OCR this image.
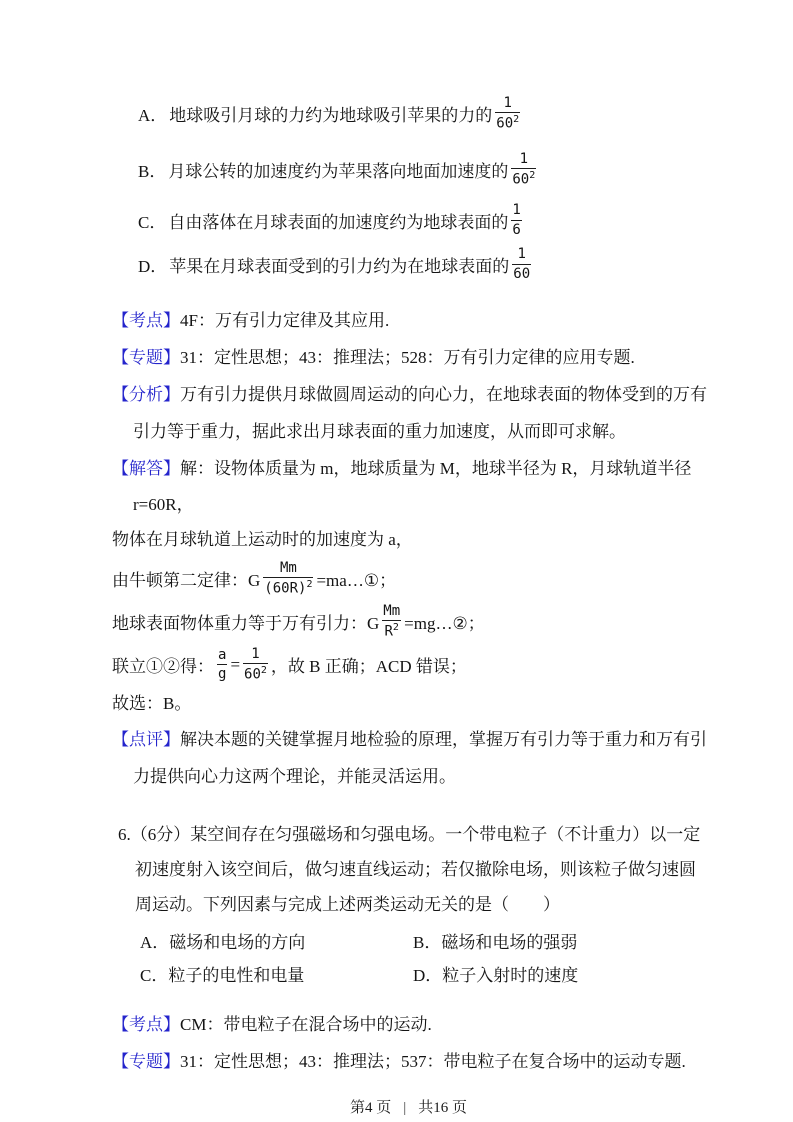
A． 地球吸引月球的力约为地球吸引苹果的力的 $\frac{1}{60^2}$
B． 月球公转的加速度约为苹果落向地面加速度的 $\frac{1}{60^2}$
C． 自由落体在月球表面的加速度约为地球表面的 $\frac{1}{6}$
D． 苹果在月球表面受到的引力约为在地球表面的 $\frac{1}{60}$
【考点】4F：万有引力定律及其应用.
【专题】31：定性思想；43：推理法；528：万有引力定律的应用专题.
【分析】万有引力提供月球做圆周运动的向心力，在地球表面的物体受到的万有
引力等于重力，据此求出月球表面的重力加速度，从而即可求解。
【解答】解：设物体质量为 m，地球质量为 M，地球半径为 R，月球轨道半径
r=60R，
物体在月球轨道上运动时的加速度为 a，
由牛顿第二定律：G $\frac{Mm}{(60R)^2}$ =ma…①；
地球表面物体重力等于万有引力：G $\frac{Mm}{R^2}$ =mg…②；
联立①②得： $\frac{a}{g} = \frac{1}{60^2}$ ，故 B 正确；ACD 错误；
故选：B。
【点评】解决本题的关键掌握月地检验的原理，掌握万有引力等于重力和万有引
力提供向心力这两个理论，并能灵活运用。
6.（6分）某空间存在匀强磁场和匀强电场。一个带电粒子（不计重力）以一定
初速度射入该空间后，做匀速直线运动；若仅撤除电场，则该粒子做匀速圆
周运动。下列因素与完成上述两类运动无关的是（　　）
A．磁场和电场的方向	B．磁场和电场的强弱
C．粒子的电性和电量	D．粒子入射时的速度
【考点】CM：带电粒子在混合场中的运动.
【专题】31：定性思想；43：推理法；537：带电粒子在复合场中的运动专题.
第4 页 | 共16 页
